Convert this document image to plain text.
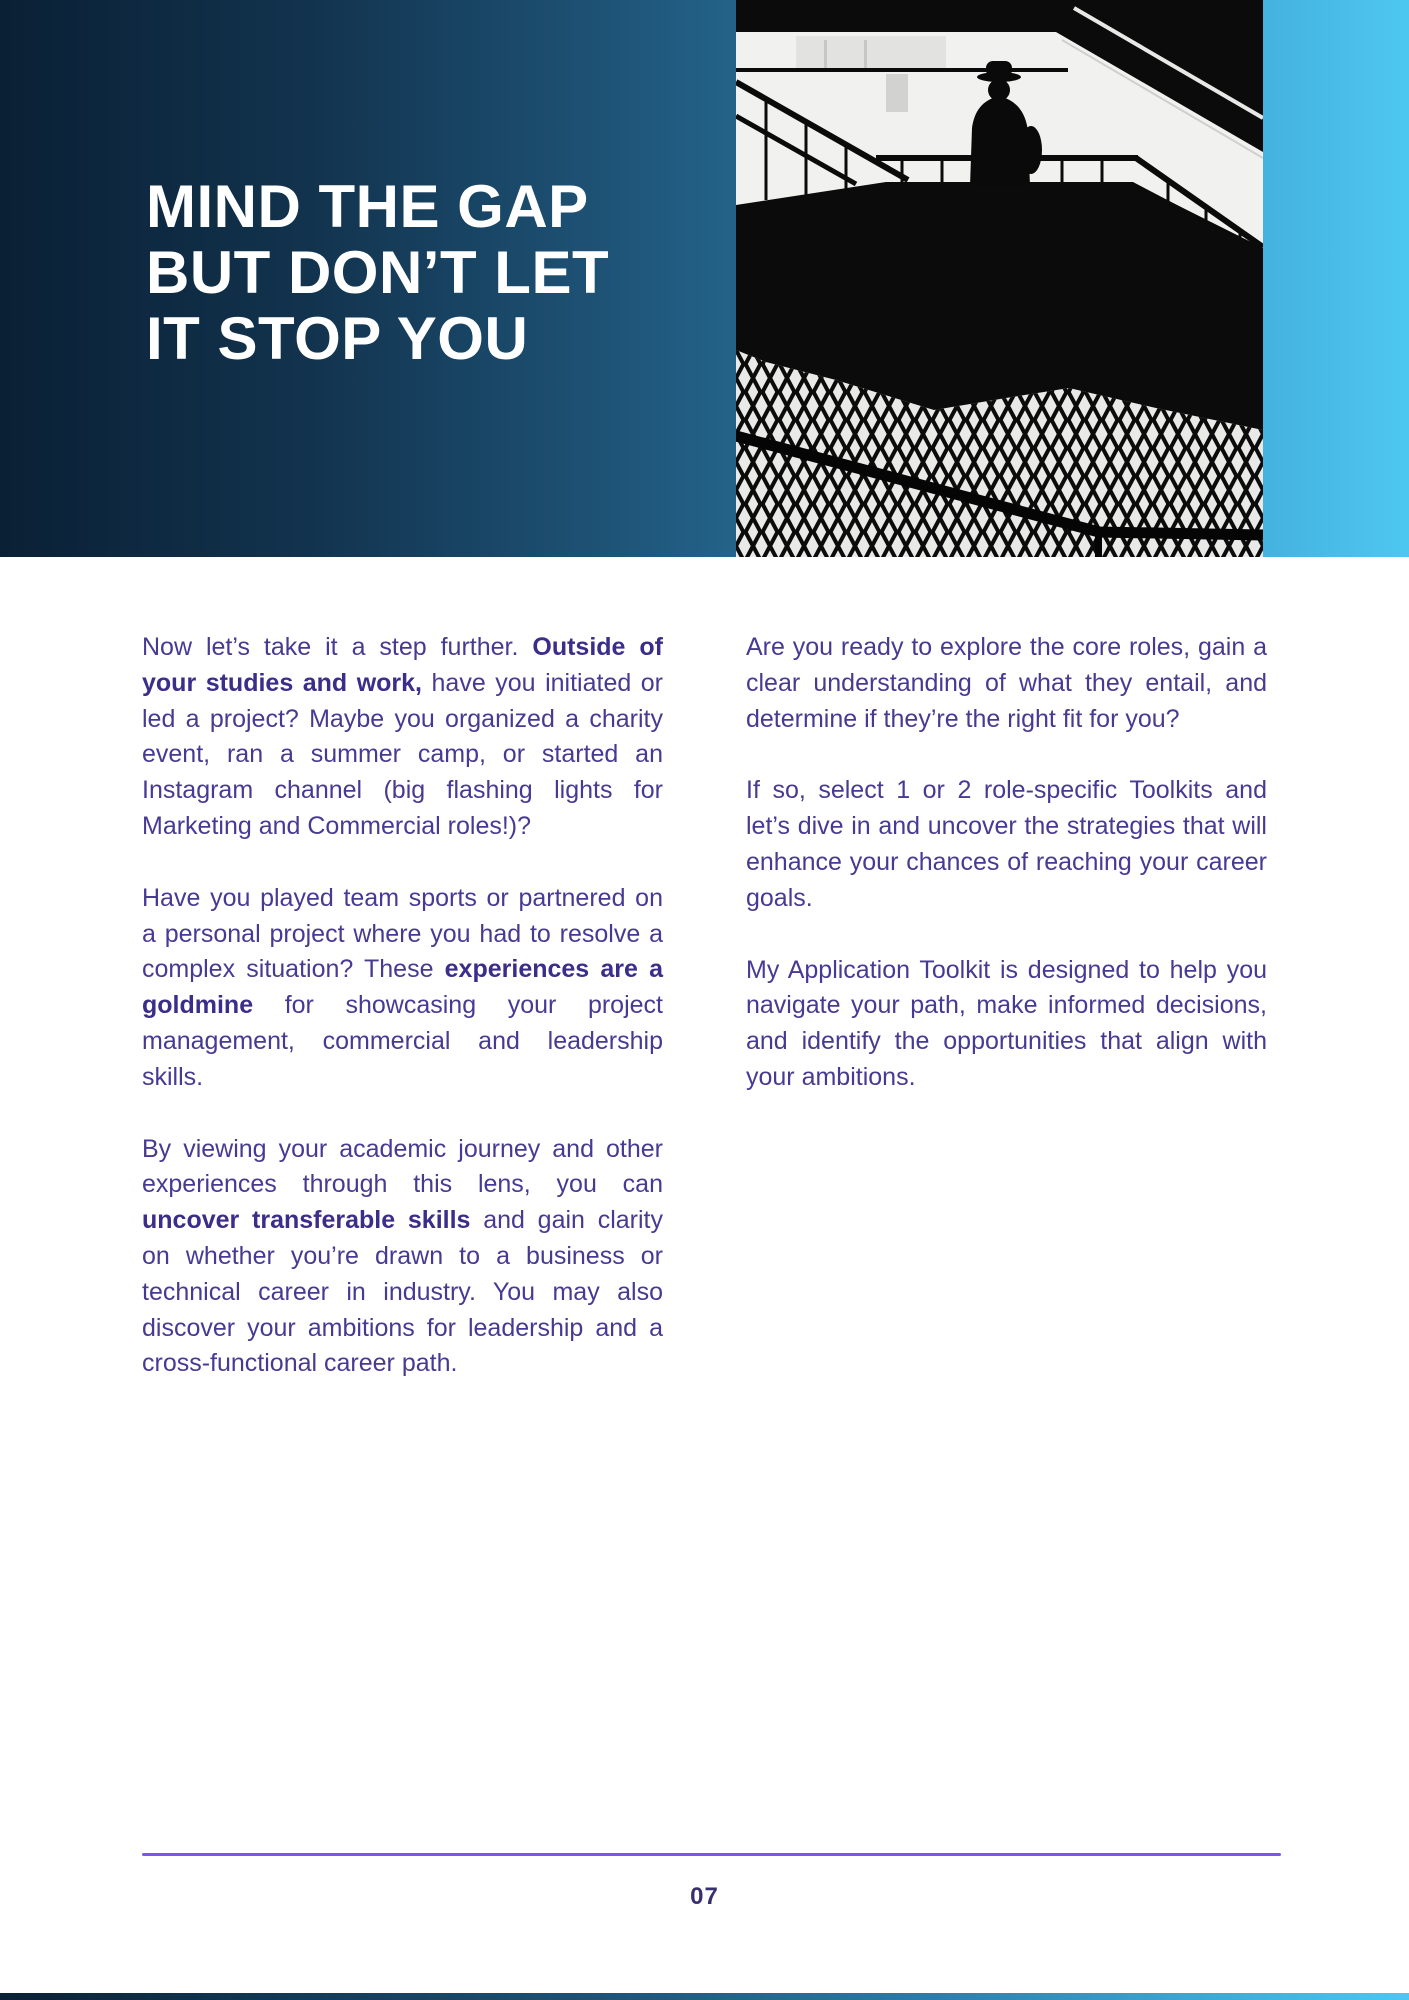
MIND THE GAP
BUT DON’T LET
IT STOP YOU

Now let’s take it a step further. Outside of your studies and work, have you initiated or led a project? Maybe you organized a charity event, ran a summer camp, or started an Instagram channel (big flashing lights for Marketing and Commercial roles!)?

Have you played team sports or partnered on a personal project where you had to resolve a complex situation? These experiences are a goldmine for showcasing your project management, commercial and leadership skills.

By viewing your academic journey and other experiences through this lens, you can uncover transferable skills and gain clarity on whether you’re drawn to a business or technical career in industry. You may also discover your ambitions for leadership and a cross-functional career path.

Are you ready to explore the core roles, gain a clear understanding of what they entail, and determine if they’re the right fit for you?

If so, select 1 or 2 role-specific Toolkits and let’s dive in and uncover the strategies that will enhance your chances of reaching your career goals.

My Application Toolkit is designed to help you navigate your path, make informed decisions, and identify the opportunities that align with your ambitions.

07
